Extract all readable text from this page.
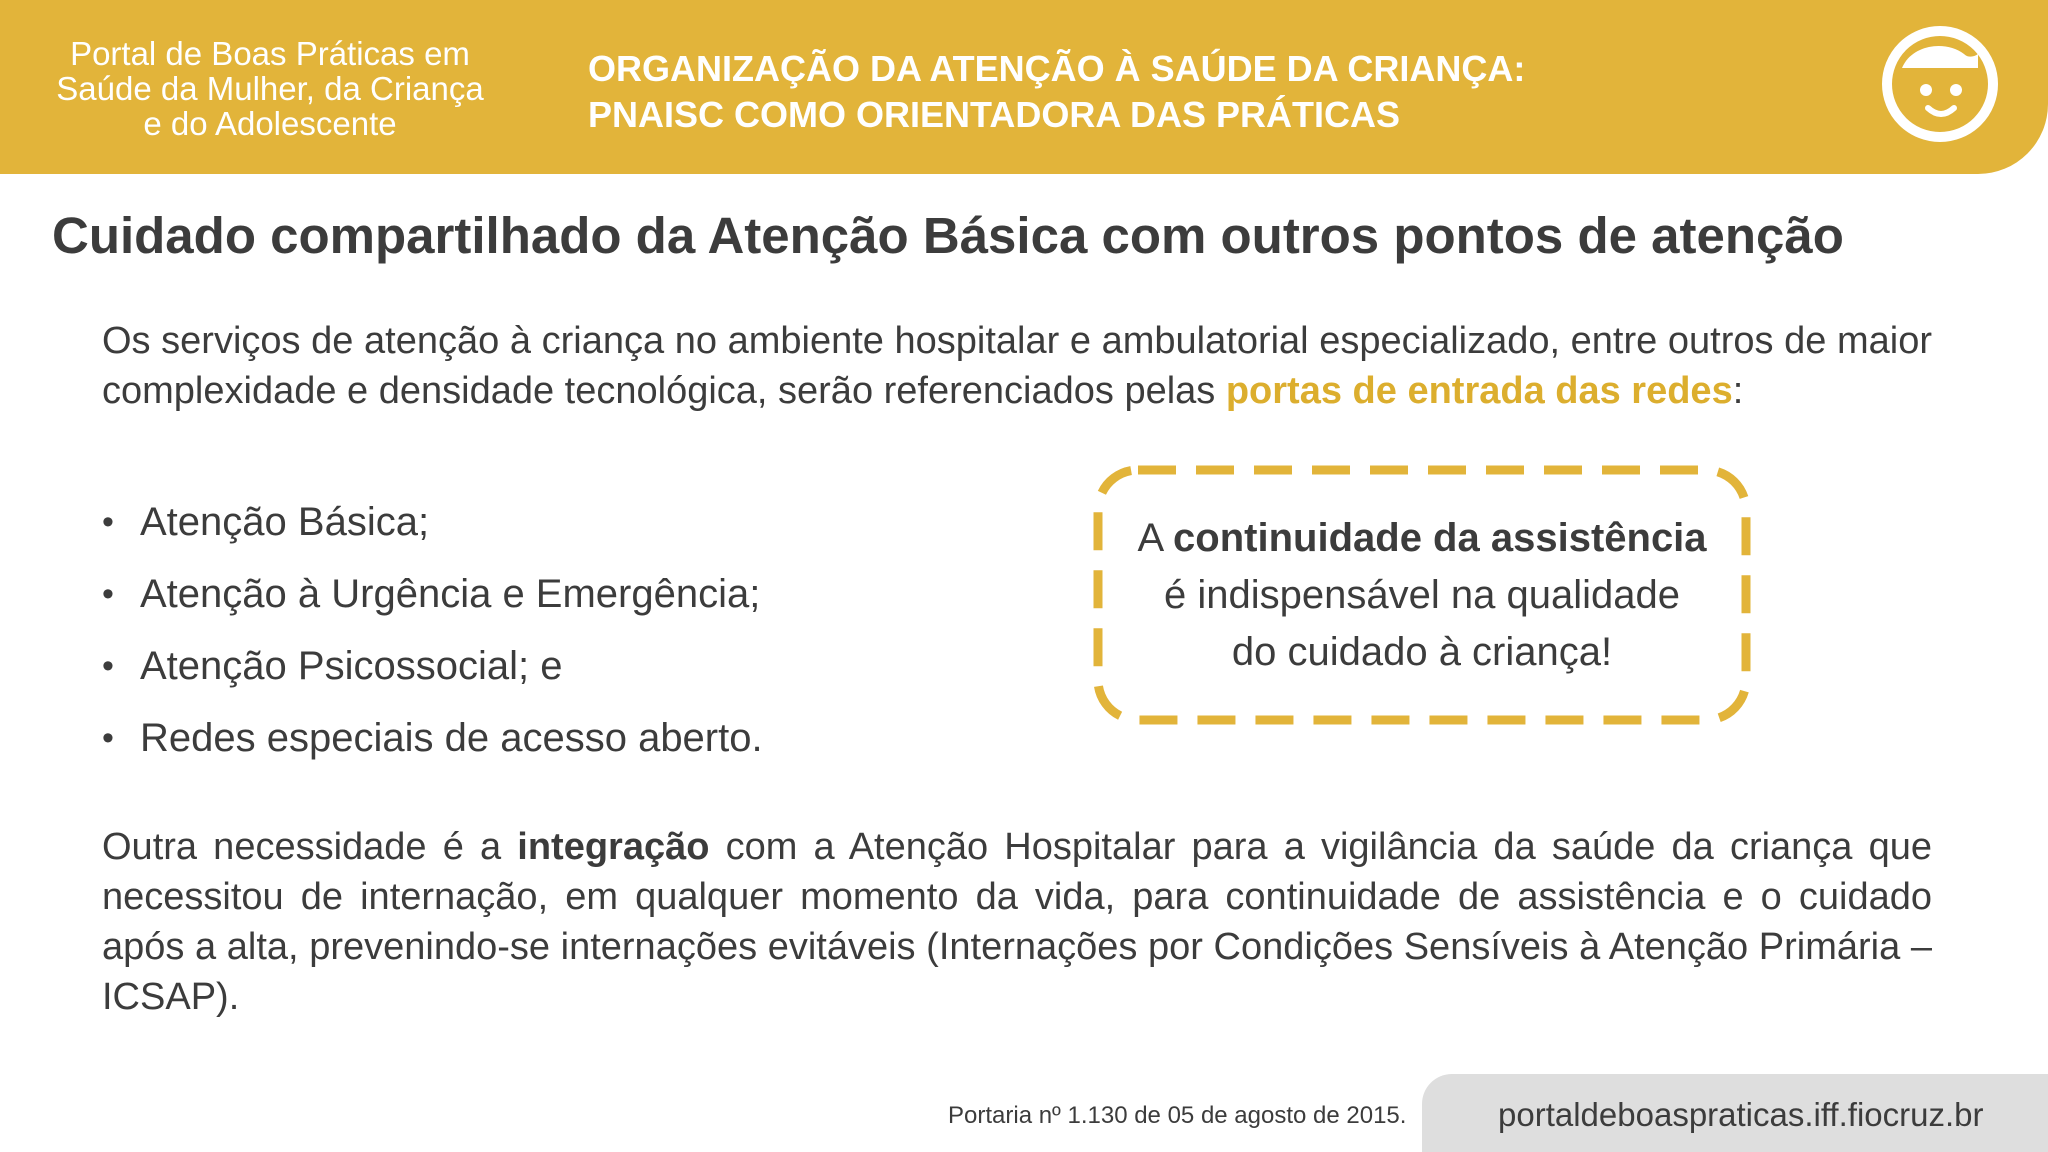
Portal de Boas Práticas em
Saúde da Mulher, da Criança
e do Adolescente
ORGANIZAÇÃO DA ATENÇÃO À SAÚDE DA CRIANÇA:
PNAISC COMO ORIENTADORA DAS PRÁTICAS
Cuidado compartilhado da Atenção Básica com outros pontos de atenção
Os serviços de atenção à criança no ambiente hospitalar e ambulatorial especializado, entre outros de maior complexidade e densidade tecnológica, serão referenciados pelas portas de entrada das redes:
• Atenção Básica;
• Atenção à Urgência e Emergência;
• Atenção Psicossocial; e
• Redes especiais de acesso aberto.
A continuidade da assistência
é indispensável na qualidade
do cuidado à criança!
Outra necessidade é a integração com a Atenção Hospitalar para a vigilância da saúde da criança que necessitou de internação, em qualquer momento da vida, para continuidade de assistência e o cuidado após a alta, prevenindo-se internações evitáveis (Internações por Condições Sensíveis à Atenção Primária – ICSAP).
Portaria nº 1.130 de 05 de agosto de 2015.	portaldeboaspraticas.iff.fiocruz.br
